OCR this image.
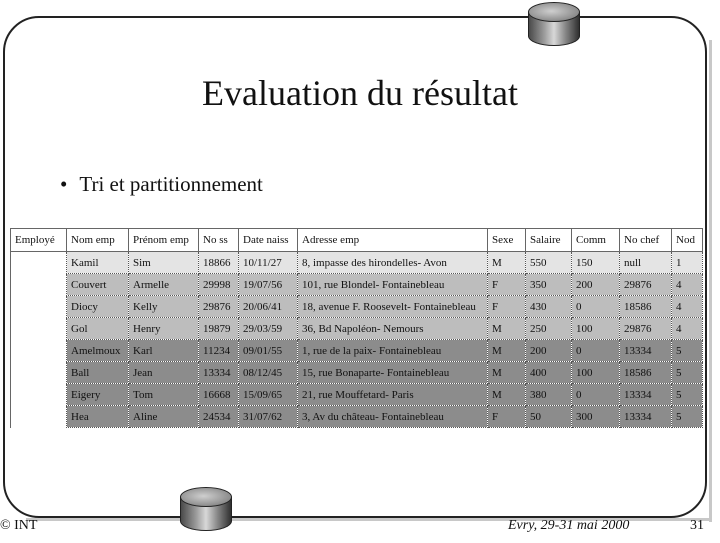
Evaluation du résultat
• Tri et partitionnement
Employé	Nom emp	Prénom emp	No ss	Date naiss	Adresse emp	Sexe	Salaire	Comm	No chef	Nod
	Kamil	Sim	18866	10/11/27	8, impasse des hirondelles- Avon	M	550	150	null	1
	Couvert	Armelle	29998	19/07/56	101, rue Blondel- Fontainebleau	F	350	200	29876	4
	Diocy	Kelly	29876	20/06/41	18, avenue F. Roosevelt- Fontainebleau	F	430	0	18586	4
	Gol	Henry	19879	29/03/59	36, Bd Napoléon- Nemours	M	250	100	29876	4
	Amelmoux	Karl	11234	09/01/55	1, rue de la paix- Fontainebleau	M	200	0	13334	5
	Ball	Jean	13334	08/12/45	15, rue Bonaparte- Fontainebleau	M	400	100	18586	5
	Eigery	Tom	16668	15/09/65	21, rue Mouffetard- Paris	M	380	0	13334	5
	Hea	Aline	24534	31/07/62	3, Av du château- Fontainebleau	F	50	300	13334	5
© INT	Evry, 29-31 mai 2000	31
